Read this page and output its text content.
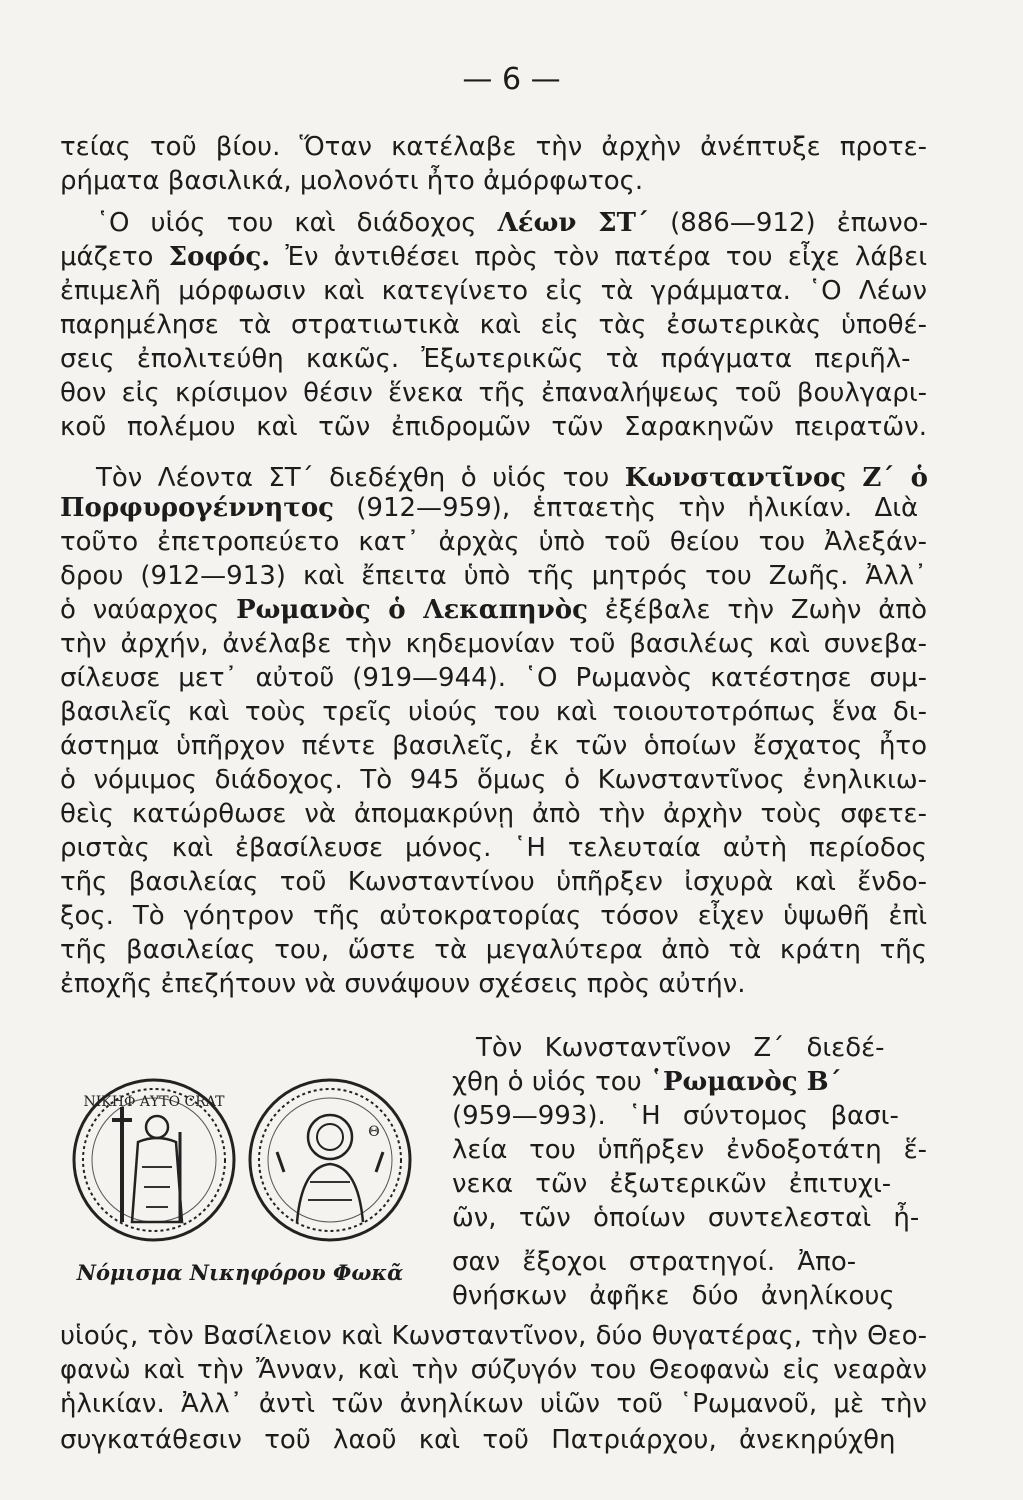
— 6 —

τείας τοῦ βίου. Ὅταν κατέλαβε τὴν ἀρχὴν ἀνέπτυξε προτε-

ρήματα βασιλικά, μολονότι ἦτο ἀμόρφωτος.

῾Ο υἱός του καὶ διάδοχος Λέων ΣΤ΄ (886—912) ἐπωνο-

μάζετο Σοφός. Ἐν ἀντιθέσει πρὸς τὸν πατέρα του εἶχε λάβει

ἐπιμελῆ μόρφωσιν καὶ κατεγίνετο εἰς τὰ γράμματα. ῾Ο Λέων

παρημέλησε τὰ στρατιωτικὰ καὶ εἰς τὰς ἐσωτερικὰς ὑποθέ-

σεις ἐπολιτεύθη κακῶς. Ἐξωτερικῶς τὰ πράγματα περιῆλ-

θον εἰς κρίσιμον θέσιν ἕνεκα τῆς ἐπαναλήψεως τοῦ βουλγαρι-

κοῦ πολέμου καὶ τῶν ἐπιδρομῶν τῶν Σαρακηνῶν πειρατῶν.

Τὸν Λέοντα ΣΤ΄ διεδέχθη ὁ υἱός του Κωνσταντῖνος Ζ΄ ὁ

Πορφυρογέννητος (912—959), ἑπταετὴς τὴν ἡλικίαν. Διὰ

τοῦτο ἐπετροπεύετο κατ᾽ ἀρχὰς ὑπὸ τοῦ θείου του Ἀλεξάν-

δρου (912—913) καὶ ἔπειτα ὑπὸ τῆς μητρός του Ζωῆς. Ἀλλ᾽

ὁ ναύαρχος Ρωμανὸς ὁ Λεκαπηνὸς ἐξέβαλε τὴν Ζωὴν ἀπὸ

τὴν ἀρχήν, ἀνέλαβε τὴν κηδεμονίαν τοῦ βασιλέως καὶ συνεβα-

σίλευσε μετ᾽ αὐτοῦ (919—944). ῾Ο Ρωμανὸς κατέστησε συμ-

βασιλεῖς καὶ τοὺς τρεῖς υἱούς του καὶ τοιουτοτρόπως ἕνα δι-

άστημα ὑπῆρχον πέντε βασιλεῖς, ἐκ τῶν ὁποίων ἔσχατος ἦτο

ὁ νόμιμος διάδοχος. Τὸ 945 ὅμως ὁ Κωνσταντῖνος ἐνηλικιω-

θεὶς κατώρθωσε νὰ ἀπομακρύνῃ ἀπὸ τὴν ἀρχὴν τοὺς σφετε-

ριστὰς καὶ ἐβασίλευσε μόνος. ῾Η τελευταία αὐτὴ περίοδος

τῆς βασιλείας τοῦ Κωνσταντίνου ὑπῆρξεν ἰσχυρὰ καὶ ἔνδο-

ξος. Τὸ γόητρον τῆς αὐτοκρατορίας τόσον εἶχεν ὑψωθῆ ἐπὶ

τῆς βασιλείας του, ὥστε τὰ μεγαλύτερα ἀπὸ τὰ κράτη τῆς

ἐποχῆς ἐπεζήτουν νὰ συνάψουν σχέσεις πρὸς αὐτήν.

Τὸν Κωνσταντῖνον Ζ΄ διεδέ-

χθη ὁ υἱός του ῾Ρωμανὸς Β΄

(959—993). ῾Η σύντομος βασι-

λεία του ὑπῆρξεν ἐνδοξοτάτη ἕ-

νεκα τῶν ἐξωτερικῶν ἐπιτυχι-

ῶν, τῶν ὁποίων συντελεσταὶ ἦ-

σαν ἔξοχοι στρατηγοί. Ἀπο-

θνήσκων ἀφῆκε δύο ἀνηλίκους

υἱούς, τὸν Βασίλειον καὶ Κωνσταντῖνον, δύο θυγατέρας, τὴν Θεο-

φανὼ καὶ τὴν Ἄνναν, καὶ τὴν σύζυγόν του Θεοφανὼ εἰς νεαρὰν

ἡλικίαν. Ἀλλ᾽ ἀντὶ τῶν ἀνηλίκων υἱῶν τοῦ ῾Ρωμανοῦ, μὲ τὴν

συγκατάθεσιν τοῦ λαοῦ καὶ τοῦ Πατριάρχου, ἀνεκηρύχθη

ΝΙΚΗΦ ΑΥΤΟ CRAT
Θ
Νόμισμα Νικηφόρου Φωκᾶ
